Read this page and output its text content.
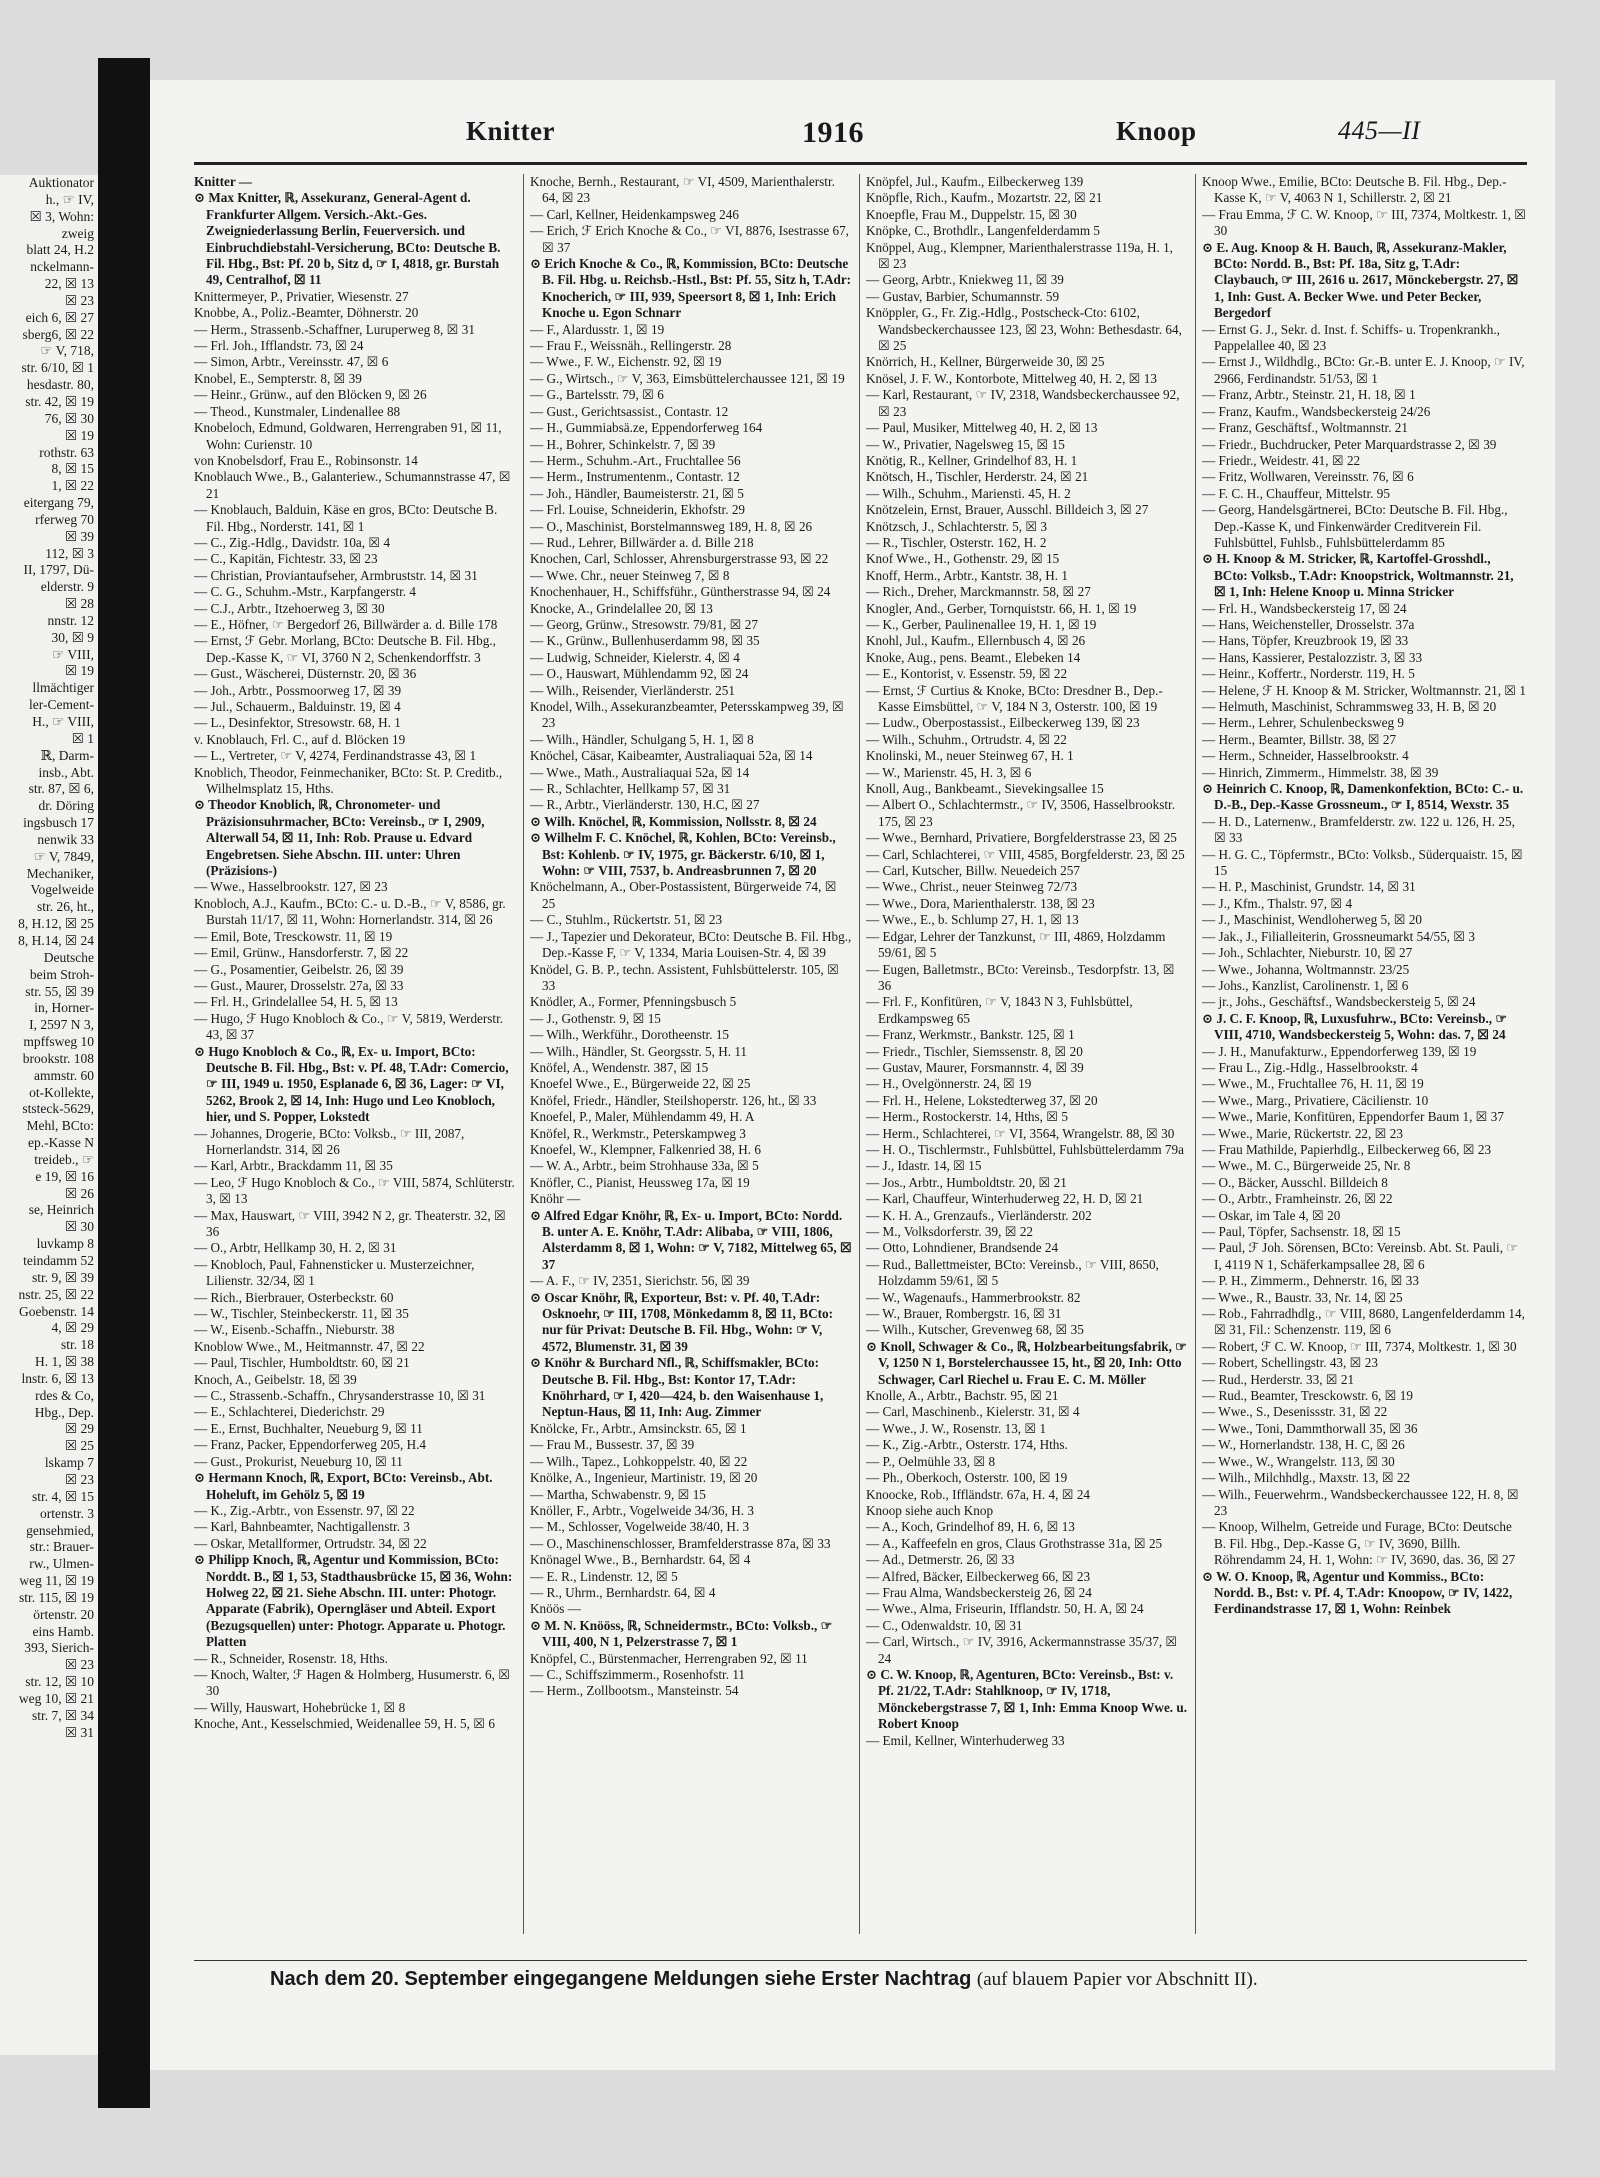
Auktionator
h., ☞ IV,
☒ 3, Wohn:
zweig
blatt 24, H.2
nckelmann-
22, ☒ 13
☒ 23
eich 6, ☒ 27
sberg6, ☒ 22
☞ V, 718,
str. 6/10, ☒ 1
hesdastr. 80,
str. 42, ☒ 19
76, ☒ 30
☒ 19
rothstr. 63
8, ☒ 15
1, ☒ 22
eitergang 79,
rferweg 70
☒ 39
112, ☒ 3
II, 1797, Dü-
elderstr. 9
☒ 28
nnstr. 12
30, ☒ 9
☞ VIII,
☒ 19
llmächtiger
ler-Cement-
H., ☞ VIII,
☒ 1
ℝ, Darm-
insb., Abt.
str. 87, ☒ 6,
dr. Döring
ingsbusch 17
nenwik 33
☞ V, 7849,
Mechaniker,
Vogelweide
str. 26, ht.,
8, H.12, ☒ 25
8, H.14, ☒ 24
Deutsche
beim Stroh-
str. 55, ☒ 39
in, Horner-
I, 2597 N 3,
mpffsweg 10
brookstr. 108
ammstr. 60
ot-Kollekte,
ststeck-5629,
Mehl, BCto:
ep.-Kasse N
treideb., ☞
e 19, ☒ 16
☒ 26
se, Heinrich
☒ 30
luvkamp 8
teindamm 52
str. 9, ☒ 39
nstr. 25, ☒ 22
Goebenstr. 14
4, ☒ 29
str. 18
H. 1, ☒ 38
lnstr. 6, ☒ 13
rdes & Co,
Hbg., Dep.
☒ 29
☒ 25
lskamp 7
☒ 23
str. 4, ☒ 15
ortenstr. 3
gensehmied,
str.: Brauer-
rw., Ulmen-
weg 11, ☒ 19
str. 115, ☒ 19
örtenstr. 20
eins Hamb.
393, Sierich-
☒ 23
str. 12, ☒ 10
weg 10, ☒ 21
str. 7, ☒ 34
☒ 31
Knitter	1916	Knoop	445—II

Knitter —

⊙ Max Knitter, ℝ, Assekuranz, General-Agent d. Frankfurter Allgem. Versich.-Akt.-Ges. Zweigniederlassung Berlin, Feuerversich. und Einbruchdiebstahl-Versicherung, BCto: Deutsche B. Fil. Hbg., Bst: Pf. 20 b, Sitz d, ☞ I, 4818, gr. Burstah 49, Centralhof, ☒ 11

Knittermeyer, P., Privatier, Wiesenstr. 27

Knobbe, A., Poliz.-Beamter, Döhnerstr. 20

— Herm., Strassenb.-Schaffner, Luruperweg 8, ☒ 31

— Frl. Joh., Ifflandstr. 73, ☒ 24

— Simon, Arbtr., Vereinsstr. 47, ☒ 6

Knobel, E., Sempterstr. 8, ☒ 39

— Heinr., Grünw., auf den Blöcken 9, ☒ 26

— Theod., Kunstmaler, Lindenallee 88

Knobeloch, Edmund, Goldwaren, Herrengraben 91, ☒ 11, Wohn: Curienstr. 10

von Knobelsdorf, Frau E., Robinsonstr. 14

Knoblauch Wwe., B., Galanteriew., Schumannstrasse 47, ☒ 21

— Knoblauch, Balduin, Käse en gros, BCto: Deutsche B. Fil. Hbg., Norderstr. 141, ☒ 1

— C., Zig.-Hdlg., Davidstr. 10a, ☒ 4

— C., Kapitän, Fichtestr. 33, ☒ 23

— Christian, Proviantaufseher, Armbruststr. 14, ☒ 31

— C. G., Schuhm.-Mstr., Karpfangerstr. 4

— C.J., Arbtr., Itzehoerweg 3, ☒ 30

— E., Höfner, ☞ Bergedorf 26, Billwärder a. d. Bille 178

— Ernst, ℱ Gebr. Morlang, BCto: Deutsche B. Fil. Hbg., Dep.-Kasse K, ☞ VI, 3760 N 2, Schenkendorffstr. 3

— Gust., Wäscherei, Düsternstr. 20, ☒ 36

— Joh., Arbtr., Possmoorweg 17, ☒ 39

— Jul., Schauerm., Balduinstr. 19, ☒ 4

— L., Desinfektor, Stresowstr. 68, H. 1

v. Knoblauch, Frl. C., auf d. Blöcken 19

— L., Vertreter, ☞ V, 4274, Ferdinandstrasse 43, ☒ 1

Knoblich, Theodor, Feinmechaniker, BCto: St. P. Creditb., Wilhelmsplatz 15, Hths.

⊙ Theodor Knoblich, ℝ, Chronometer- und Präzisionsuhrmacher, BCto: Vereinsb., ☞ I, 2909, Alterwall 54, ☒ 11, Inh: Rob. Prause u. Edvard Engebretsen. Siehe Abschn. III. unter: Uhren (Präzisions-)

— Wwe., Hasselbrookstr. 127, ☒ 23

Knobloch, A.J., Kaufm., BCto: C.- u. D.-B., ☞ V, 8586, gr. Burstah 11/17, ☒ 11, Wohn: Hornerlandstr. 314, ☒ 26

— Emil, Bote, Tresckowstr. 11, ☒ 19

— Emil, Grünw., Hansdorferstr. 7, ☒ 22

— G., Posamentier, Geibelstr. 26, ☒ 39

— Gust., Maurer, Drosselstr. 27a, ☒ 33

— Frl. H., Grindelallee 54, H. 5, ☒ 13

— Hugo, ℱ Hugo Knobloch & Co., ☞ V, 5819, Werderstr. 43, ☒ 37

⊙ Hugo Knobloch & Co., ℝ, Ex- u. Import, BCto: Deutsche B. Fil. Hbg., Bst: v. Pf. 48, T.Adr: Comercio, ☞ III, 1949 u. 1950, Esplanade 6, ☒ 36, Lager: ☞ VI, 5262, Brook 2, ☒ 14, Inh: Hugo und Leo Knobloch, hier, und S. Popper, Lokstedt

— Johannes, Drogerie, BCto: Volksb., ☞ III, 2087, Hornerlandstr. 314, ☒ 26

— Karl, Arbtr., Brackdamm 11, ☒ 35

— Leo, ℱ Hugo Knobloch & Co., ☞ VIII, 5874, Schlüterstr. 3, ☒ 13

— Max, Hauswart, ☞ VIII, 3942 N 2, gr. Theaterstr. 32, ☒ 36

— O., Arbtr, Hellkamp 30, H. 2, ☒ 31

— Knobloch, Paul, Fahnensticker u. Musterzeichner, Lilienstr. 32/34, ☒ 1

— Rich., Bierbrauer, Osterbeckstr. 60

— W., Tischler, Steinbeckerstr. 11, ☒ 35

— W., Eisenb.-Schaffn., Nieburstr. 38

Knoblow Wwe., M., Heitmannstr. 47, ☒ 22

— Paul, Tischler, Humboldtstr. 60, ☒ 21

Knoch, A., Geibelstr. 18, ☒ 39

— C., Strassenb.-Schaffn., Chrysanderstrasse 10, ☒ 31

— E., Schlachterei, Diederichstr. 29

— E., Ernst, Buchhalter, Neueburg 9, ☒ 11

— Franz, Packer, Eppendorferweg 205, H.4

— Gust., Prokurist, Neueburg 10, ☒ 11

⊙ Hermann Knoch, ℝ, Export, BCto: Vereinsb., Abt. Hoheluft, im Gehölz 5, ☒ 19

— K., Zig.-Arbtr., von Essenstr. 97, ☒ 22

— Karl, Bahnbeamter, Nachtigallenstr. 3

— Oskar, Metallformer, Ortrudstr. 34, ☒ 22

⊙ Philipp Knoch, ℝ, Agentur und Kommission, BCto: Norddt. B., ☒ 1, 53, Stadthausbrücke 15, ☒ 36, Wohn: Holweg 22, ☒ 21. Siehe Abschn. III. unter: Photogr. Apparate (Fabrik), Operngläser und Abteil. Export (Bezugsquellen) unter: Photogr. Apparate u. Photogr. Platten

— R., Schneider, Rosenstr. 18, Hths.

— Knoch, Walter, ℱ Hagen & Holmberg, Husumerstr. 6, ☒ 30

— Willy, Hauswart, Hohebrücke 1, ☒ 8

Knoche, Ant., Kesselschmied, Weidenallee 59, H. 5, ☒ 6

Knoche, Bernh., Restaurant, ☞ VI, 4509, Marienthalerstr. 64, ☒ 23

— Carl, Kellner, Heidenkampsweg 246

— Erich, ℱ Erich Knoche & Co., ☞ VI, 8876, Isestrasse 67, ☒ 37

⊙ Erich Knoche & Co., ℝ, Kommission, BCto: Deutsche B. Fil. Hbg. u. Reichsb.-Hstl., Bst: Pf. 55, Sitz h, T.Adr: Knocherich, ☞ III, 939, Speersort 8, ☒ 1, Inh: Erich Knoche u. Egon Schnarr

— F., Alardusstr. 1, ☒ 19

— Frau F., Weissnäh., Rellingerstr. 28

— Wwe., F. W., Eichenstr. 92, ☒ 19

— G., Wirtsch., ☞ V, 363, Eimsbüttelerchaussee 121, ☒ 19

— G., Bartelsstr. 79, ☒ 6

— Gust., Gerichtsassist., Contastr. 12

— H., Gummiabsä.ze, Eppendorferweg 164

— H., Bohrer, Schinkelstr. 7, ☒ 39

— Herm., Schuhm.-Art., Fruchtallee 56

— Herm., Instrumentenm., Contastr. 12

— Joh., Händler, Baumeisterstr. 21, ☒ 5

— Frl. Louise, Schneiderin, Ekhofstr. 29

— O., Maschinist, Borstelmannsweg 189, H. 8, ☒ 26

— Rud., Lehrer, Billwärder a. d. Bille 218

Knochen, Carl, Schlosser, Ahrensburgerstrasse 93, ☒ 22

— Wwe. Chr., neuer Steinweg 7, ☒ 8

Knochenhauer, H., Schiffsführ., Güntherstrasse 94, ☒ 24

Knocke, A., Grindelallee 20, ☒ 13

— Georg, Grünw., Stresowstr. 79/81, ☒ 27

— K., Grünw., Bullenhuserdamm 98, ☒ 35

— Ludwig, Schneider, Kielerstr. 4, ☒ 4

— O., Hauswart, Mühlendamm 92, ☒ 24

— Wilh., Reisender, Vierländerstr. 251

Knodel, Wilh., Assekuranzbeamter, Petersskampweg 39, ☒ 23

— Wilh., Händler, Schulgang 5, H. 1, ☒ 8

Knöchel, Cäsar, Kaibeamter, Australiaquai 52a, ☒ 14

— Wwe., Math., Australiaquai 52a, ☒ 14

— R., Schlachter, Hellkamp 57, ☒ 31

— R., Arbtr., Vierländerstr. 130, H.C, ☒ 27

⊙ Wilh. Knöchel, ℝ, Kommission, Nollsstr. 8, ☒ 24

⊙ Wilhelm F. C. Knöchel, ℝ, Kohlen, BCto: Vereinsb., Bst: Kohlenb. ☞ IV, 1975, gr. Bäckerstr. 6/10, ☒ 1, Wohn: ☞ VIII, 7537, b. Andreasbrunnen 7, ☒ 20

Knöchelmann, A., Ober-Postassistent, Bürgerweide 74, ☒ 25

— C., Stuhlm., Rückertstr. 51, ☒ 23

— J., Tapezier und Dekorateur, BCto: Deutsche B. Fil. Hbg., Dep.-Kasse F, ☞ V, 1334, Maria Louisen-Str. 4, ☒ 39

Knödel, G. B. P., techn. Assistent, Fuhlsbüttelerstr. 105, ☒ 33

Knödler, A., Former, Pfenningsbusch 5

— J., Gothenstr. 9, ☒ 15

— Wilh., Werkführ., Dorotheenstr. 15

— Wilh., Händler, St. Georgsstr. 5, H. 11

Knöfel, A., Wendenstr. 387, ☒ 15

Knoefel Wwe., E., Bürgerweide 22, ☒ 25

Knöfel, Friedr., Händler, Steilshoperstr. 126, ht., ☒ 33

Knoefel, P., Maler, Mühlendamm 49, H. A

Knöfel, R., Werkmstr., Peterskampweg 3

Knoefel, W., Klempner, Falkenried 38, H. 6

— W. A., Arbtr., beim Strohhause 33a, ☒ 5

Knöfler, C., Pianist, Heussweg 17a, ☒ 19

Knöhr —

⊙ Alfred Edgar Knöhr, ℝ, Ex- u. Import, BCto: Nordd. B. unter A. E. Knöhr, T.Adr: Alibaba, ☞ VIII, 1806, Alsterdamm 8, ☒ 1, Wohn: ☞ V, 7182, Mittelweg 65, ☒ 37

— A. F., ☞ IV, 2351, Sierichstr. 56, ☒ 39

⊙ Oscar Knöhr, ℝ, Exporteur, Bst: v. Pf. 40, T.Adr: Osknoehr, ☞ III, 1708, Mönkedamm 8, ☒ 11, BCto: nur für Privat: Deutsche B. Fil. Hbg., Wohn: ☞ V, 4572, Blumenstr. 31, ☒ 39

⊙ Knöhr & Burchard Nfl., ℝ, Schiffsmakler, BCto: Deutsche B. Fil. Hbg., Bst: Kontor 17, T.Adr: Knöhrhard, ☞ I, 420—424, b. den Waisenhause 1, Neptun-Haus, ☒ 11, Inh: Aug. Zimmer

Knölcke, Fr., Arbtr., Amsinckstr. 65, ☒ 1

— Frau M., Bussestr. 37, ☒ 39

— Wilh., Tapez., Lohkoppelstr. 40, ☒ 22

Knölke, A., Ingenieur, Martinistr. 19, ☒ 20

— Martha, Schwabenstr. 9, ☒ 15

Knöller, F., Arbtr., Vogelweide 34/36, H. 3

— M., Schlosser, Vogelweide 38/40, H. 3

— O., Maschinenschlosser, Bramfelderstrasse 87a, ☒ 33

Knönagel Wwe., B., Bernhardstr. 64, ☒ 4

— E. R., Lindenstr. 12, ☒ 5

— R., Uhrm., Bernhardstr. 64, ☒ 4

Knöös —

⊙ M. N. Knööss, ℝ, Schneidermstr., BCto: Volksb., ☞ VIII, 400, N 1, Pelzerstrasse 7, ☒ 1

Knöpfel, C., Bürstenmacher, Herrengraben 92, ☒ 11

— C., Schiffszimmerm., Rosenhofstr. 11

— Herm., Zollbootsm., Mansteinstr. 54

Knöpfel, Jul., Kaufm., Eilbeckerweg 139

Knöpfle, Rich., Kaufm., Mozartstr. 22, ☒ 21

Knoepfle, Frau M., Duppelstr. 15, ☒ 30

Knöpke, C., Brothdlr., Langenfelderdamm 5

Knöppel, Aug., Klempner, Marienthalerstrasse 119a, H. 1, ☒ 23

— Georg, Arbtr., Kniekweg 11, ☒ 39

— Gustav, Barbier, Schumannstr. 59

Knöppler, G., Fr. Zig.-Hdlg., Postscheck-Cto: 6102, Wandsbeckerchaussee 123, ☒ 23, Wohn: Bethesdastr. 64, ☒ 25

Knörrich, H., Kellner, Bürgerweide 30, ☒ 25

Knösel, J. F. W., Kontorbote, Mittelweg 40, H. 2, ☒ 13

— Karl, Restaurant, ☞ IV, 2318, Wandsbeckerchaussee 92, ☒ 23

— Paul, Musiker, Mittelweg 40, H. 2, ☒ 13

— W., Privatier, Nagelsweg 15, ☒ 15

Knötig, R., Kellner, Grindelhof 83, H. 1

Knötsch, H., Tischler, Herderstr. 24, ☒ 21

— Wilh., Schuhm., Mariensti. 45, H. 2

Knötzelein, Ernst, Brauer, Ausschl. Billdeich 3, ☒ 27

Knötzsch, J., Schlachterstr. 5, ☒ 3

— R., Tischler, Osterstr. 162, H. 2

Knof Wwe., H., Gothenstr. 29, ☒ 15

Knoff, Herm., Arbtr., Kantstr. 38, H. 1

— Rich., Dreher, Marckmannstr. 58, ☒ 27

Knogler, And., Gerber, Tornquiststr. 66, H. 1, ☒ 19

— K., Gerber, Paulinenallee 19, H. 1, ☒ 19

Knohl, Jul., Kaufm., Ellernbusch 4, ☒ 26

Knoke, Aug., pens. Beamt., Elebeken 14

— E., Kontorist, v. Essenstr. 59, ☒ 22

— Ernst, ℱ Curtius & Knoke, BCto: Dresdner B., Dep.-Kasse Eimsbüttel, ☞ V, 184 N 3, Osterstr. 100, ☒ 19

— Ludw., Oberpostassist., Eilbeckerweg 139, ☒ 23

— Wilh., Schuhm., Ortrudstr. 4, ☒ 22

Knolinski, M., neuer Steinweg 67, H. 1

— W., Marienstr. 45, H. 3, ☒ 6

Knoll, Aug., Bankbeamt., Sievekingsallee 15

— Albert O., Schlachtermstr., ☞ IV, 3506, Hasselbrookstr. 175, ☒ 23

— Wwe., Bernhard, Privatiere, Borgfelderstrasse 23, ☒ 25

— Carl, Schlachterei, ☞ VIII, 4585, Borgfelderstr. 23, ☒ 25

— Carl, Kutscher, Billw. Neuedeich 257

— Wwe., Christ., neuer Steinweg 72/73

— Wwe., Dora, Marienthalerstr. 138, ☒ 23

— Wwe., E., b. Schlump 27, H. 1, ☒ 13

— Edgar, Lehrer der Tanzkunst, ☞ III, 4869, Holzdamm 59/61, ☒ 5

— Eugen, Balletmstr., BCto: Vereinsb., Tesdorpfstr. 13, ☒ 36

— Frl. F., Konfitüren, ☞ V, 1843 N 3, Fuhlsbüttel, Erdkampsweg 65

— Franz, Werkmstr., Bankstr. 125, ☒ 1

— Friedr., Tischler, Siemssenstr. 8, ☒ 20

— Gustav, Maurer, Forsmannstr. 4, ☒ 39

— H., Ovelgönnerstr. 24, ☒ 19

— Frl. H., Helene, Lokstedterweg 37, ☒ 20

— Herm., Rostockerstr. 14, Hths, ☒ 5

— Herm., Schlachterei, ☞ VI, 3564, Wrangelstr. 88, ☒ 30

— H. O., Tischlermstr., Fuhlsbüttel, Fuhlsbüttelerdamm 79a

— J., Idastr. 14, ☒ 15

— Jos., Arbtr., Humboldtstr. 20, ☒ 21

— Karl, Chauffeur, Winterhuderweg 22, H. D, ☒ 21

— K. H. A., Grenzaufs., Vierländerstr. 202

— M., Volksdorferstr. 39, ☒ 22

— Otto, Lohndiener, Brandsende 24

— Rud., Ballettmeister, BCto: Vereinsb., ☞ VIII, 8650, Holzdamm 59/61, ☒ 5

— W., Wagenaufs., Hammerbrookstr. 82

— W., Brauer, Rombergstr. 16, ☒ 31

— Wilh., Kutscher, Grevenweg 68, ☒ 35

⊙ Knoll, Schwager & Co., ℝ, Holzbearbeitungsfabrik, ☞ V, 1250 N 1, Borstelerchaussee 15, ht., ☒ 20, Inh: Otto Schwager, Carl Riechel u. Frau E. C. M. Möller

Knolle, A., Arbtr., Bachstr. 95, ☒ 21

— Carl, Maschinenb., Kielerstr. 31, ☒ 4

— Wwe., J. W., Rosenstr. 13, ☒ 1

— K., Zig.-Arbtr., Osterstr. 174, Hths.

— P., Oelmühle 33, ☒ 8

— Ph., Oberkoch, Osterstr. 100, ☒ 19

Knoocke, Rob., Iffländstr. 67a, H. 4, ☒ 24

Knoop siehe auch Knop

— A., Koch, Grindelhof 89, H. 6, ☒ 13

— A., Kaffeefeln en gros, Claus Grothstrasse 31a, ☒ 25

— Ad., Detmerstr. 26, ☒ 33

— Alfred, Bäcker, Eilbeckerweg 66, ☒ 23

— Frau Alma, Wandsbeckersteig 26, ☒ 24

— Wwe., Alma, Friseurin, Ifflandstr. 50, H. A, ☒ 24

— C., Odenwaldstr. 10, ☒ 31

— Carl, Wirtsch., ☞ IV, 3916, Ackermannstrasse 35/37, ☒ 24

⊙ C. W. Knoop, ℝ, Agenturen, BCto: Vereinsb., Bst: v. Pf. 21/22, T.Adr: Stahlknoop, ☞ IV, 1718, Mönckebergstrasse 7, ☒ 1, Inh: Emma Knoop Wwe. u. Robert Knoop

— Emil, Kellner, Winterhuderweg 33

Knoop Wwe., Emilie, BCto: Deutsche B. Fil. Hbg., Dep.-Kasse K, ☞ V, 4063 N 1, Schillerstr. 2, ☒ 21

— Frau Emma, ℱ C. W. Knoop, ☞ III, 7374, Moltkestr. 1, ☒ 30

⊙ E. Aug. Knoop & H. Bauch, ℝ, Assekuranz-Makler, BCto: Nordd. B., Bst: Pf. 18a, Sitz g, T.Adr: Claybauch, ☞ III, 2616 u. 2617, Mönckebergstr. 27, ☒ 1, Inh: Gust. A. Becker Wwe. und Peter Becker, Bergedorf

— Ernst G. J., Sekr. d. Inst. f. Schiffs- u. Tropenkrankh., Pappelallee 40, ☒ 23

— Ernst J., Wildhdlg., BCto: Gr.-B. unter E. J. Knoop, ☞ IV, 2966, Ferdinandstr. 51/53, ☒ 1

— Franz, Arbtr., Steinstr. 21, H. 18, ☒ 1

— Franz, Kaufm., Wandsbeckersteig 24/26

— Franz, Geschäftsf., Woltmannstr. 21

— Friedr., Buchdrucker, Peter Marquardstrasse 2, ☒ 39

— Friedr., Weidestr. 41, ☒ 22

— Fritz, Wollwaren, Vereinsstr. 76, ☒ 6

— F. C. H., Chauffeur, Mittelstr. 95

— Georg, Handelsgärtnerei, BCto: Deutsche B. Fil. Hbg., Dep.-Kasse K, und Finkenwärder Creditverein Fil. Fuhlsbüttel, Fuhlsb., Fuhlsbüttelerdamm 85

⊙ H. Knoop & M. Stricker, ℝ, Kartoffel-Grosshdl., BCto: Volksb., T.Adr: Knoopstrick, Woltmannstr. 21, ☒ 1, Inh: Helene Knoop u. Minna Stricker

— Frl. H., Wandsbeckersteig 17, ☒ 24

— Hans, Weichensteller, Drosselstr. 37a

— Hans, Töpfer, Kreuzbrook 19, ☒ 33

— Hans, Kassierer, Pestalozzistr. 3, ☒ 33

— Heinr., Koffertr., Norderstr. 119, H. 5

— Helene, ℱ H. Knoop & M. Stricker, Woltmannstr. 21, ☒ 1

— Helmuth, Maschinist, Schrammsweg 33, H. B, ☒ 20

— Herm., Lehrer, Schulenbecksweg 9

— Herm., Beamter, Billstr. 38, ☒ 27

— Herm., Schneider, Hasselbrookstr. 4

— Hinrich, Zimmerm., Himmelstr. 38, ☒ 39

⊙ Heinrich C. Knoop, ℝ, Damenkonfektion, BCto: C.- u. D.-B., Dep.-Kasse Grossneum., ☞ I, 8514, Wexstr. 35

— H. D., Laternenw., Bramfelderstr. zw. 122 u. 126, H. 25, ☒ 33

— H. G. C., Töpfermstr., BCto: Volksb., Süderquaistr. 15, ☒ 15

— H. P., Maschinist, Grundstr. 14, ☒ 31

— J., Kfm., Thalstr. 97, ☒ 4

— J., Maschinist, Wendloherweg 5, ☒ 20

— Jak., J., Filialleiterin, Grossneumarkt 54/55, ☒ 3

— Joh., Schlachter, Nieburstr. 10, ☒ 27

— Wwe., Johanna, Woltmannstr. 23/25

— Johs., Kanzlist, Carolinenstr. 1, ☒ 6

— jr., Johs., Geschäftsf., Wandsbeckersteig 5, ☒ 24

⊙ J. C. F. Knoop, ℝ, Luxusfuhrw., BCto: Vereinsb., ☞ VIII, 4710, Wandsbeckersteig 5, Wohn: das. 7, ☒ 24

— J. H., Manufakturw., Eppendorferweg 139, ☒ 19

— Frau L., Zig.-Hdlg., Hasselbrookstr. 4

— Wwe., M., Fruchtallee 76, H. 11, ☒ 19

— Wwe., Marg., Privatiere, Cäcilienstr. 10

— Wwe., Marie, Konfitüren, Eppendorfer Baum 1, ☒ 37

— Wwe., Marie, Rückertstr. 22, ☒ 23

— Frau Mathilde, Papierhdlg., Eilbeckerweg 66, ☒ 23

— Wwe., M. C., Bürgerweide 25, Nr. 8

— O., Bäcker, Ausschl. Billdeich 8

— O., Arbtr., Framheinstr. 26, ☒ 22

— Oskar, im Tale 4, ☒ 20

— Paul, Töpfer, Sachsenstr. 18, ☒ 15

— Paul, ℱ Joh. Sörensen, BCto: Vereinsb. Abt. St. Pauli, ☞ I, 4119 N 1, Schäferkampsallee 28, ☒ 6

— P. H., Zimmerm., Dehnerstr. 16, ☒ 33

— Wwe., R., Baustr. 33, Nr. 14, ☒ 25

— Rob., Fahrradhdlg., ☞ VIII, 8680, Langenfelderdamm 14, ☒ 31, Fil.: Schenzenstr. 119, ☒ 6

— Robert, ℱ C. W. Knoop, ☞ III, 7374, Moltkestr. 1, ☒ 30

— Robert, Schellingstr. 43, ☒ 23

— Rud., Herderstr. 33, ☒ 21

— Rud., Beamter, Tresckowstr. 6, ☒ 19

— Wwe., S., Desenissstr. 31, ☒ 22

— Wwe., Toni, Dammthorwall 35, ☒ 36

— W., Hornerlandstr. 138, H. C, ☒ 26

— Wwe., W., Wrangelstr. 113, ☒ 30

— Wilh., Milchhdlg., Maxstr. 13, ☒ 22

— Wilh., Feuerwehrm., Wandsbeckerchaussee 122, H. 8, ☒ 23

— Knoop, Wilhelm, Getreide und Furage, BCto: Deutsche B. Fil. Hbg., Dep.-Kasse G, ☞ IV, 3690, Billh. Röhrendamm 24, H. 1, Wohn: ☞ IV, 3690, das. 36, ☒ 27

⊙ W. O. Knoop, ℝ, Agentur und Kommiss., BCto: Nordd. B., Bst: v. Pf. 4, T.Adr: Knoopow, ☞ IV, 1422, Ferdinandstrasse 17, ☒ 1, Wohn: Reinbek

Nach dem 20. September eingegangene Meldungen siehe Erster Nachtrag (auf blauem Papier vor Abschnitt II).
